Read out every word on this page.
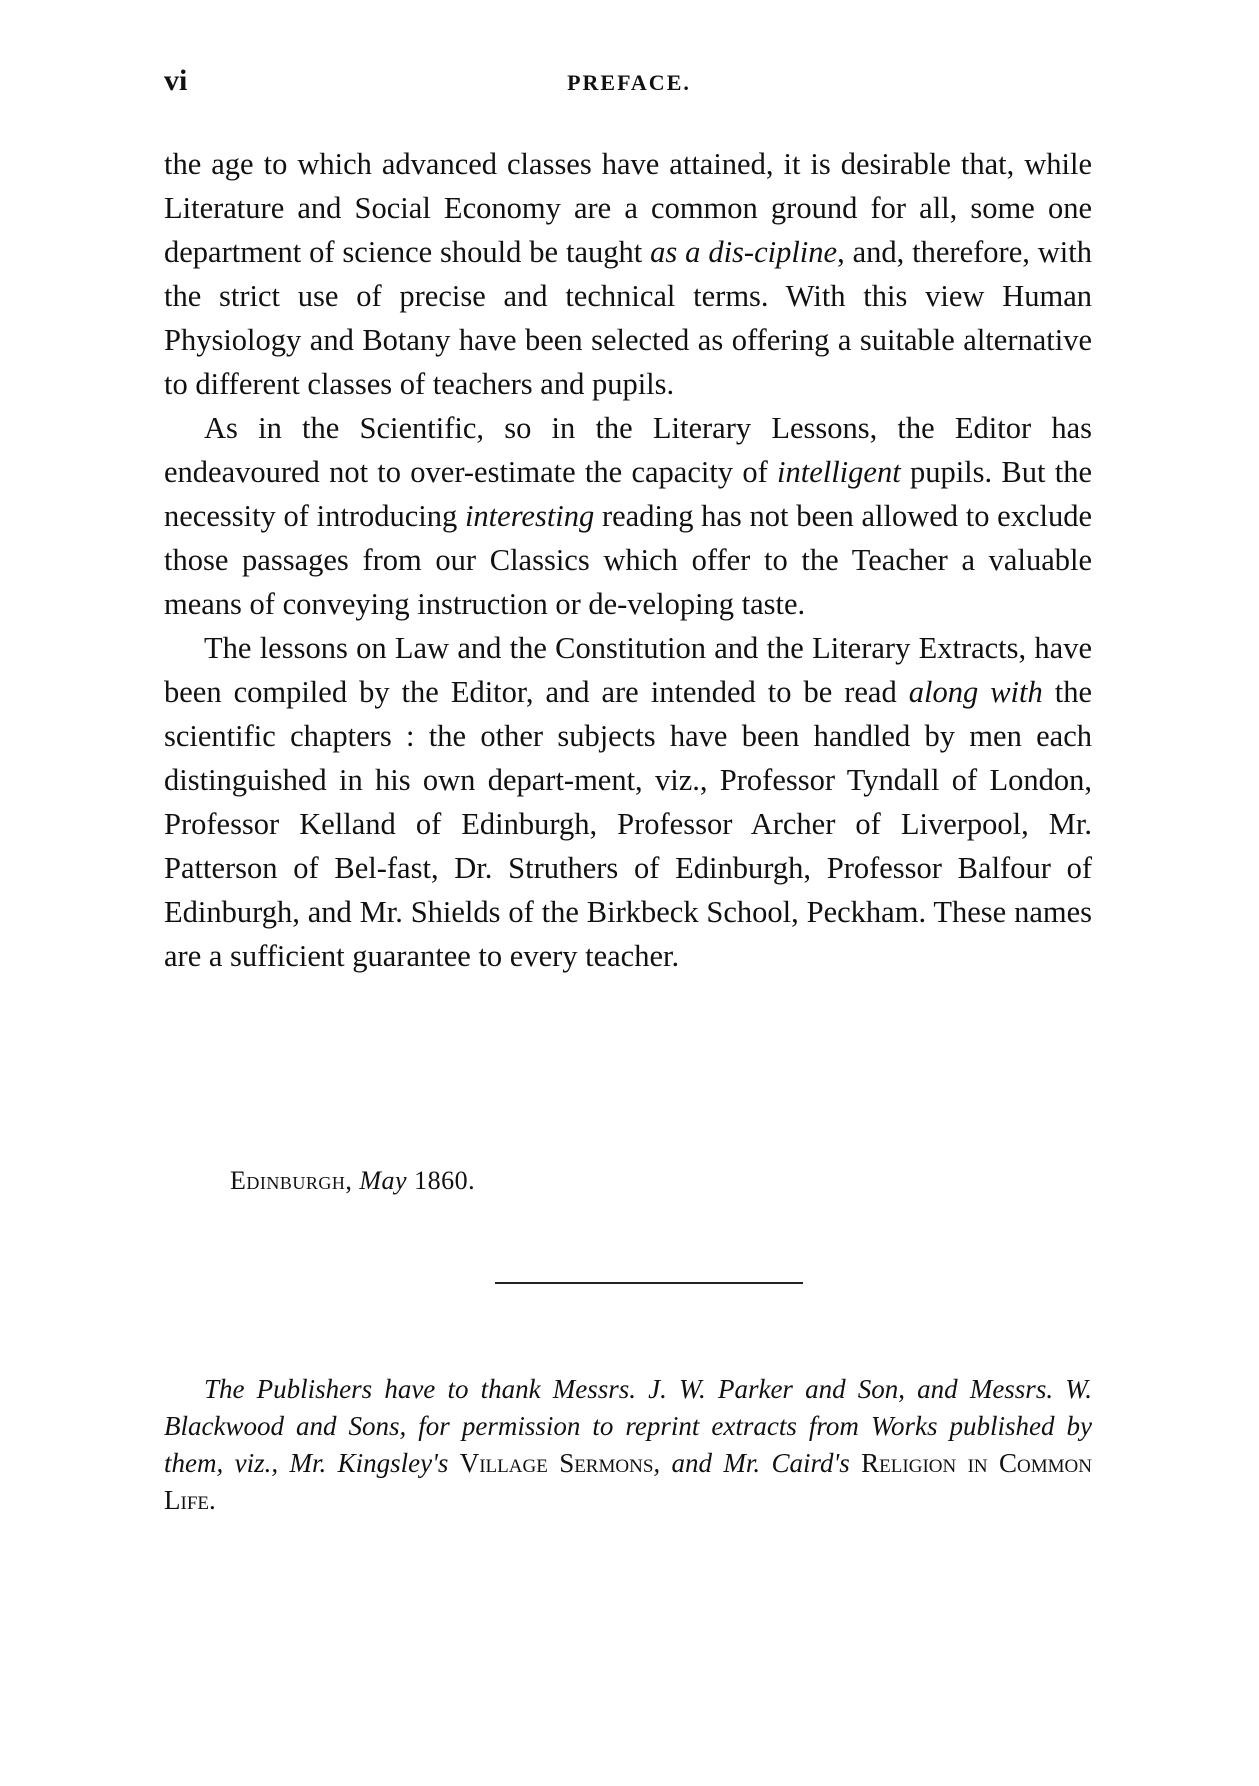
vi	PREFACE.

the age to which advanced classes have attained, it is desirable that, while Literature and Social Economy are a common ground for all, some one department of science should be taught as a dis-cipline, and, therefore, with the strict use of precise and technical terms. With this view Human Physiology and Botany have been selected as offering a suitable alternative to different classes of teachers and pupils.

As in the Scientific, so in the Literary Lessons, the Editor has endeavoured not to over-estimate the capacity of intelligent pupils. But the necessity of introducing interesting reading has not been allowed to exclude those passages from our Classics which offer to the Teacher a valuable means of conveying instruction or de-veloping taste.

The lessons on Law and the Constitution and the Literary Extracts, have been compiled by the Editor, and are intended to be read along with the scientific chapters : the other subjects have been handled by men each distinguished in his own depart-ment, viz., Professor Tyndall of London, Professor Kelland of Edinburgh, Professor Archer of Liverpool, Mr. Patterson of Bel-fast, Dr. Struthers of Edinburgh, Professor Balfour of Edinburgh, and Mr. Shields of the Birkbeck School, Peckham. These names are a sufficient guarantee to every teacher.

Edinburgh, May 1860.

The Publishers have to thank Messrs. J. W. Parker and Son, and Messrs. W. Blackwood and Sons, for permission to reprint extracts from Works published by them, viz., Mr. Kingsley's Village Sermons, and Mr. Caird's Religion in Common Life.
